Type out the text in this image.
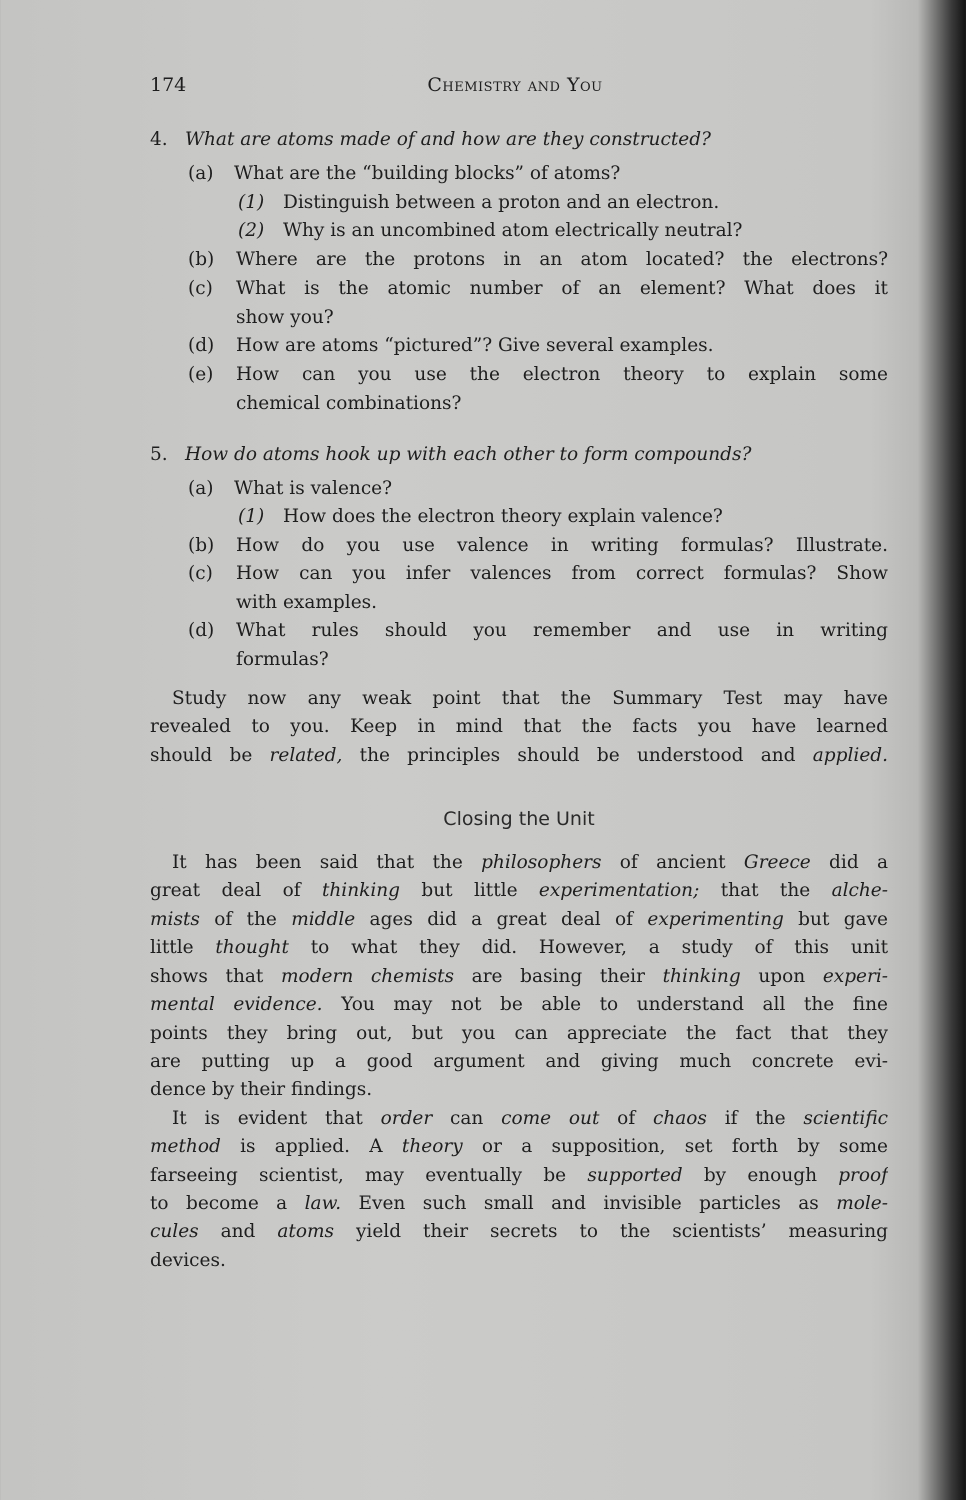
174	Chemistry and You
Closing the Unit
4. What are atoms made of and how are they constructed?
(a) What are the “building blocks” of atoms?
(1) Distinguish between a proton and an electron.
(2) Why is an uncombined atom electrically neutral?
(b) Where are the protons in an atom located? the electrons?
(c) What is the atomic number of an element? What does it
show you?
(d) How are atoms “pictured”? Give several examples.
(e) How can you use the electron theory to explain some
chemical combinations?
5. How do atoms hook up with each other to form compounds?
(a) What is valence?
(1) How does the electron theory explain valence?
(b) How do you use valence in writing formulas? Illustrate.
(c) How can you infer valences from correct formulas? Show
with examples.
(d) What rules should you remember and use in writing
formulas?
Study now any weak point that the Summary Test may have
revealed to you. Keep in mind that the facts you have learned
should be related, the principles should be understood and applied.
It has been said that the philosophers of ancient Greece did a
great deal of thinking but little experimentation; that the alche-
mists of the middle ages did a great deal of experimenting but gave
little thought to what they did. However, a study of this unit
shows that modern chemists are basing their thinking upon experi-
mental evidence. You may not be able to understand all the fine
points they bring out, but you can appreciate the fact that they
are putting up a good argument and giving much concrete evi-
dence by their findings.
It is evident that order can come out of chaos if the scientific
method is applied. A theory or a supposition, set forth by some
farseeing scientist, may eventually be supported by enough proof
to become a law. Even such small and invisible particles as mole-
cules and atoms yield their secrets to the scientists’ measuring
devices.
